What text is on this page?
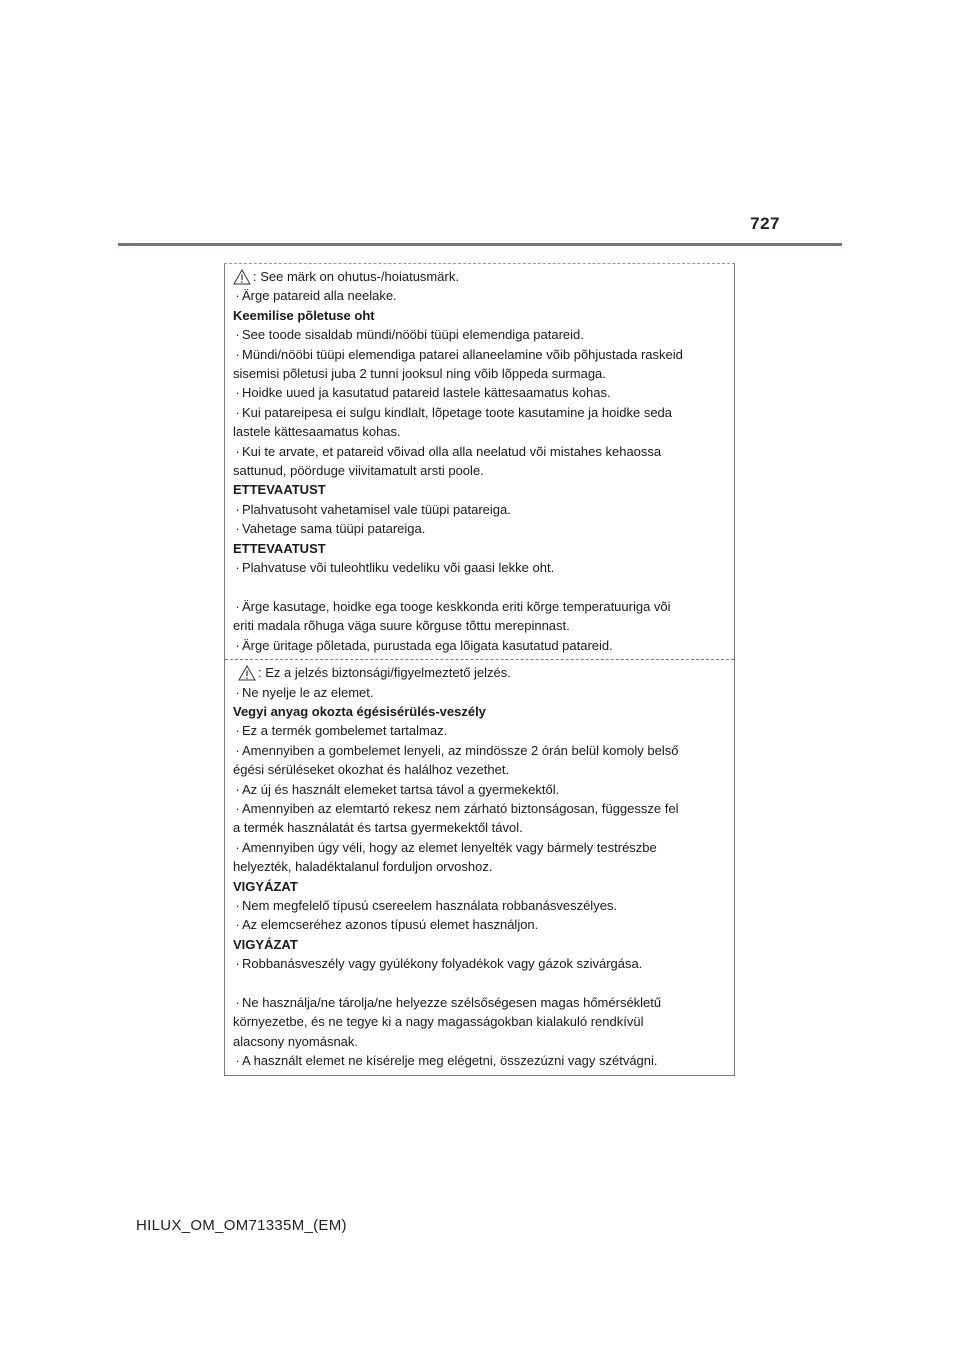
727
: See märk on ohutus-/hoiatusmärk.
· Ärge patareid alla neelake.
Keemilise põletuse oht
· See toode sisaldab mündi/nööbi tüüpi elemendiga patareid.
· Mündi/nööbi tüüpi elemendiga patarei allaneelamine võib põhjustada raskeid
sisemisi põletusi juba 2 tunni jooksul ning võib lõppeda surmaga.
· Hoidke uued ja kasutatud patareid lastele kättesaamatus kohas.
· Kui patareipesa ei sulgu kindlalt, lõpetage toote kasutamine ja hoidke seda
lastele kättesaamatus kohas.
· Kui te arvate, et patareid võivad olla alla neelatud või mistahes kehaossa
sattunud, pöörduge viivitamatult arsti poole.
ETTEVAATUST
· Plahvatusoht vahetamisel vale tüüpi patareiga.
· Vahetage sama tüüpi patareiga.
ETTEVAATUST
· Plahvatuse või tuleohtliku vedeliku või gaasi lekke oht.
· Ärge kasutage, hoidke ega tooge keskkonda eriti kõrge temperatuuriga või
eriti madala rõhuga väga suure kõrguse tõttu merepinnast.
· Ärge üritage põletada, purustada ega lõigata kasutatud patareid.
: Ez a jelzés biztonsági/figyelmeztető jelzés.
· Ne nyelje le az elemet.
Vegyi anyag okozta égésisérülés-veszély
· Ez a termék gombelemet tartalmaz.
· Amennyiben a gombelemet lenyeli, az mindössze 2 órán belül komoly belső
égési sérüléseket okozhat és halálhoz vezethet.
· Az új és használt elemeket tartsa távol a gyermekektől.
· Amennyiben az elemtartó rekesz nem zárható biztonságosan, függessze fel
a termék használatát és tartsa gyermekektől távol.
· Amennyiben úgy véli, hogy az elemet lenyelték vagy bármely testrészbe
helyezték, haladéktalanul forduljon orvoshoz.
VIGYÁZAT
· Nem megfelelő típusú csereelem használata robbanásveszélyes.
· Az elemcseréhez azonos típusú elemet használjon.
VIGYÁZAT
· Robbanásveszély vagy gyúlékony folyadékok vagy gázok szivárgása.
· Ne használja/ne tárolja/ne helyezze szélsőségesen magas hőmérsékletű
környezetbe, és ne tegye ki a nagy magasságokban kialakuló rendkívül
alacsony nyomásnak.
· A használt elemet ne kísérelje meg elégetni, összezúzni vagy szétvágni.
HILUX_OM_OM71335M_(EM)
